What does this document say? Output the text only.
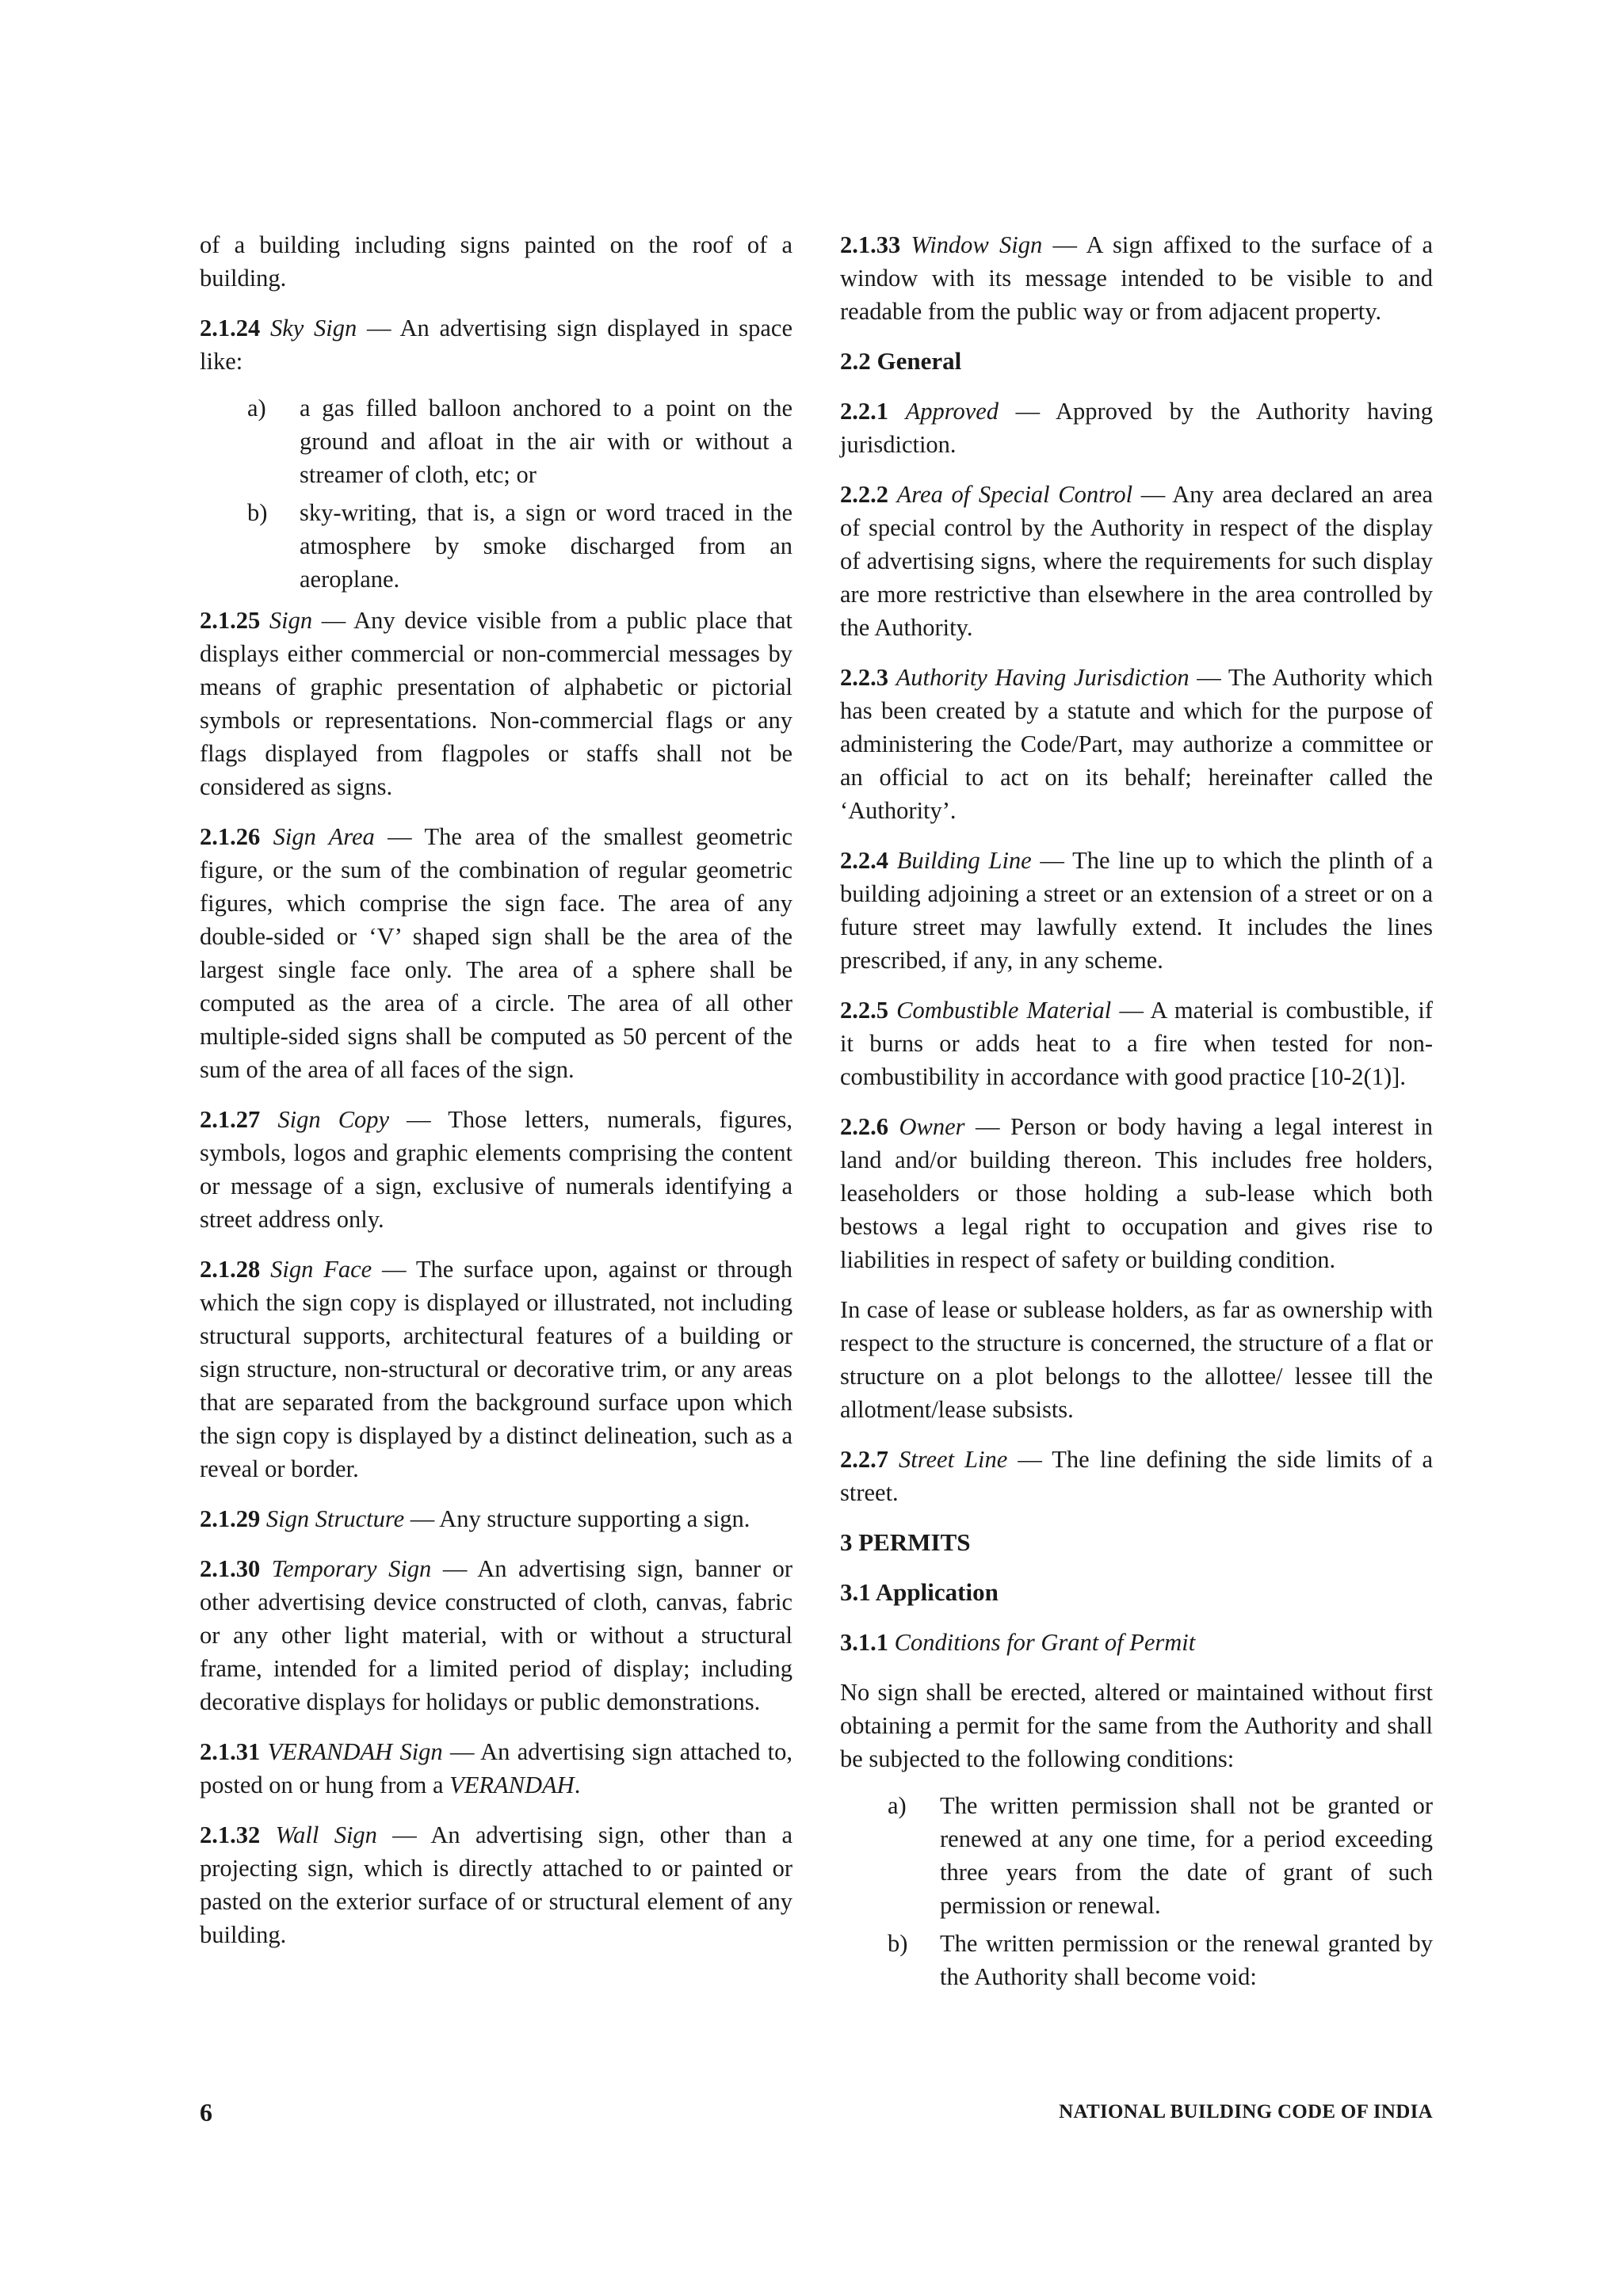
of a building including signs painted on the roof of a building.

2.1.24 Sky Sign — An advertising sign displayed in space like:

a) a gas filled balloon anchored to a point on the ground and afloat in the air with or without a streamer of cloth, etc; or
b) sky-writing, that is, a sign or word traced in the atmosphere by smoke discharged from an aeroplane.

2.1.25 Sign — Any device visible from a public place that displays either commercial or non-commercial messages by means of graphic presentation of alphabetic or pictorial symbols or representations. Non-commercial flags or any flags displayed from flagpoles or staffs shall not be considered as signs.

2.1.26 Sign Area — The area of the smallest geometric figure, or the sum of the combination of regular geometric figures, which comprise the sign face. The area of any double-sided or ‘V’ shaped sign shall be the area of the largest single face only. The area of a sphere shall be computed as the area of a circle. The area of all other multiple-sided signs shall be computed as 50 percent of the sum of the area of all faces of the sign.

2.1.27 Sign Copy — Those letters, numerals, figures, symbols, logos and graphic elements comprising the content or message of a sign, exclusive of numerals identifying a street address only.

2.1.28 Sign Face — The surface upon, against or through which the sign copy is displayed or illustrated, not including structural supports, architectural features of a building or sign structure, non-structural or decorative trim, or any areas that are separated from the background surface upon which the sign copy is displayed by a distinct delineation, such as a reveal or border.

2.1.29 Sign Structure — Any structure supporting a sign.

2.1.30 Temporary Sign — An advertising sign, banner or other advertising device constructed of cloth, canvas, fabric or any other light material, with or without a structural frame, intended for a limited period of display; including decorative displays for holidays or public demonstrations.

2.1.31 VERANDAH Sign — An advertising sign attached to, posted on or hung from a VERANDAH.

2.1.32 Wall Sign — An advertising sign, other than a projecting sign, which is directly attached to or painted or pasted on the exterior surface of or structural element of any building.

2.1.33 Window Sign — A sign affixed to the surface of a window with its message intended to be visible to and readable from the public way or from adjacent property.

2.2 General

2.2.1 Approved — Approved by the Authority having jurisdiction.

2.2.2 Area of Special Control — Any area declared an area of special control by the Authority in respect of the display of advertising signs, where the requirements for such display are more restrictive than elsewhere in the area controlled by the Authority.

2.2.3 Authority Having Jurisdiction — The Authority which has been created by a statute and which for the purpose of administering the Code/Part, may authorize a committee or an official to act on its behalf; hereinafter called the ‘Authority’.

2.2.4 Building Line — The line up to which the plinth of a building adjoining a street or an extension of a street or on a future street may lawfully extend. It includes the lines prescribed, if any, in any scheme.

2.2.5 Combustible Material — A material is combustible, if it burns or adds heat to a fire when tested for non-combustibility in accordance with good practice [10-2(1)].

2.2.6 Owner — Person or body having a legal interest in land and/or building thereon. This includes free holders, leaseholders or those holding a sub-lease which both bestows a legal right to occupation and gives rise to liabilities in respect of safety or building condition.

In case of lease or sublease holders, as far as ownership with respect to the structure is concerned, the structure of a flat or structure on a plot belongs to the allottee/ lessee till the allotment/lease subsists.

2.2.7 Street Line — The line defining the side limits of a street.

3 PERMITS
3.1 Application

3.1.1 Conditions for Grant of Permit

No sign shall be erected, altered or maintained without first obtaining a permit for the same from the Authority and shall be subjected to the following conditions:

a) The written permission shall not be granted or renewed at any one time, for a period exceeding three years from the date of grant of such permission or renewal.
b) The written permission or the renewal granted by the Authority shall become void:
6	NATIONAL BUILDING CODE OF INDIA
